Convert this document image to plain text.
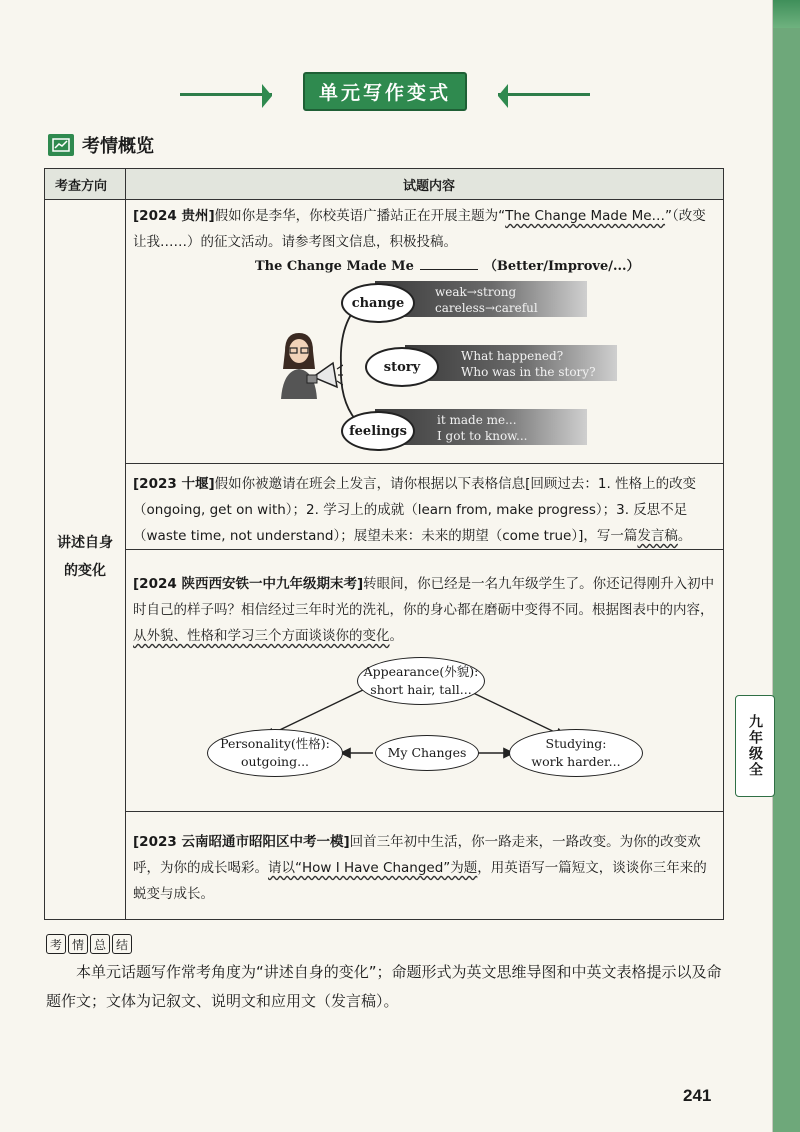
单元写作变式
考情概览
考查方向	试题内容
讲述自身
的变化
[2024 贵州]假如你是李华，你校英语广播站正在开展主题为“The Change Made Me…”（改变让我……）的征文活动。请参考图文信息，积极投稿。
The Change Made Me	（Better/Improve/...）
weak→strong
careless→careful
change
What happened?
Who was in the story?
story
it made me...
I got to know...
feelings
[2023 十堰]假如你被邀请在班会上发言，请你根据以下表格信息[回顾过去：1. 性格上的改变（ongoing, get on with）；2. 学习上的成就（learn from, make progress）；3. 反思不足（waste time, not understand）；展望未来：未来的期望（come true）]，写一篇发言稿。
[2024 陕西西安铁一中九年级期末考]转眼间，你已经是一名九年级学生了。你还记得刚升入初中时自己的样子吗？相信经过三年时光的洗礼，你的身心都在磨砺中变得不同。根据图表中的内容，从外貌、性格和学习三个方面谈谈你的变化。
Appearance(外貌):
short hair, tall...
My Changes
Personality(性格):
outgoing...
Studying:
work harder...
[2023 云南昭通市昭阳区中考一模]回首三年初中生活，你一路走来，一路改变。为你的改变欢呼，为你的成长喝彩。请以“How I Have Changed”为题，用英语写一篇短文，谈谈你三年来的蜕变与成长。
考 情 总 结
本单元话题写作常考角度为“讲述自身的变化”；命题形式为英文思维导图和中英文表格提示以及命题作文；文体为记叙文、说明文和应用文（发言稿）。
241
九年级全
